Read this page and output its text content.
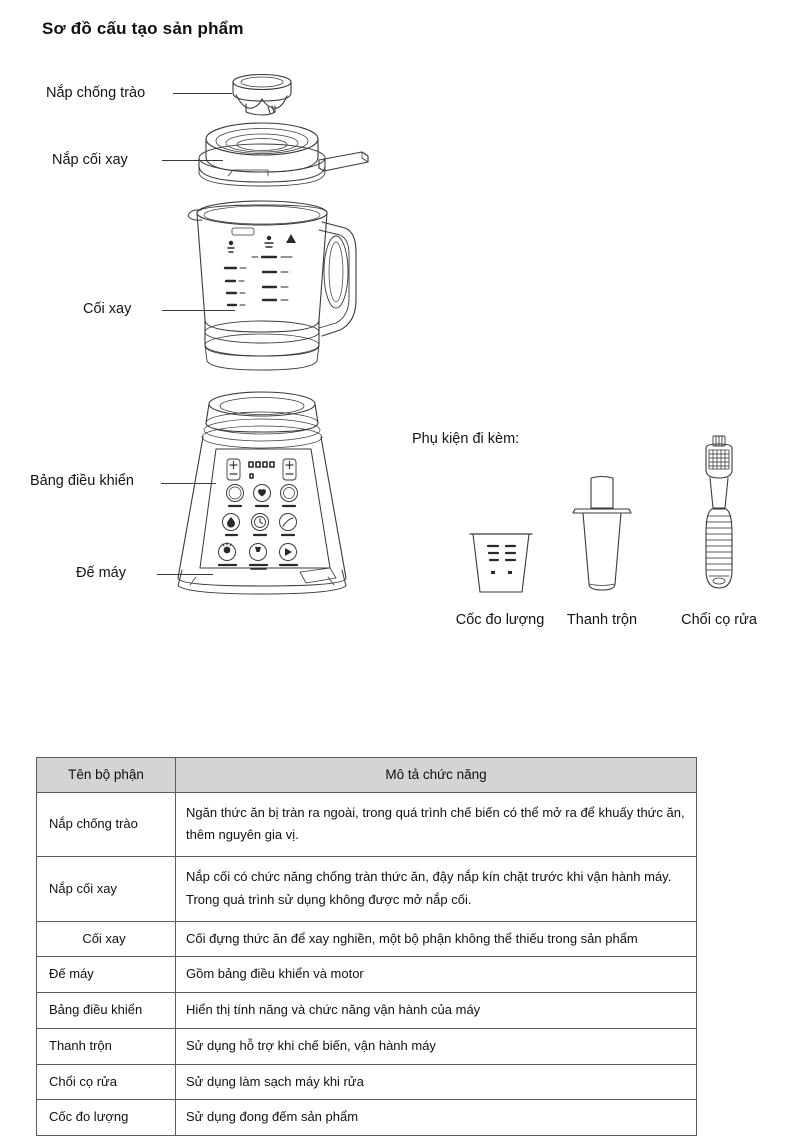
Sơ đồ cấu tạo sản phẩm
Nắp chống trào
Nắp cối xay
Cối xay
Bảng điều khiển
Đế máy
Phụ kiện đi kèm:
Cốc đo lượng	Thanh trộn	Chổi cọ rửa
Tên bộ phận	Mô tả chức năng
Nắp chống trào	Ngăn thức ăn bị tràn ra ngoài, trong quá trình chế biến có thể mở ra để khuấy thức ăn, thêm nguyên gia vị.
Nắp cối xay	Nắp cối có chức năng chống tràn thức ăn, đậy nắp kín chặt trước khi vận hành máy. Trong quá trình sử dụng không được mở nắp cối.
Cối xay	Cối đựng thức ăn để xay nghiền, một bộ phận không thể thiếu trong sản phẩm
Đế máy	Gồm bảng điều khiển và motor
Bảng điều khiển	Hiển thị tính năng và chức năng vận hành của máy
Thanh trộn	Sử dụng hỗ trợ khi chế biến, vận hành máy
Chổi cọ rửa	Sử dụng làm sạch máy khi rửa
Cốc đo lượng	Sử dụng đong đếm sản phẩm
